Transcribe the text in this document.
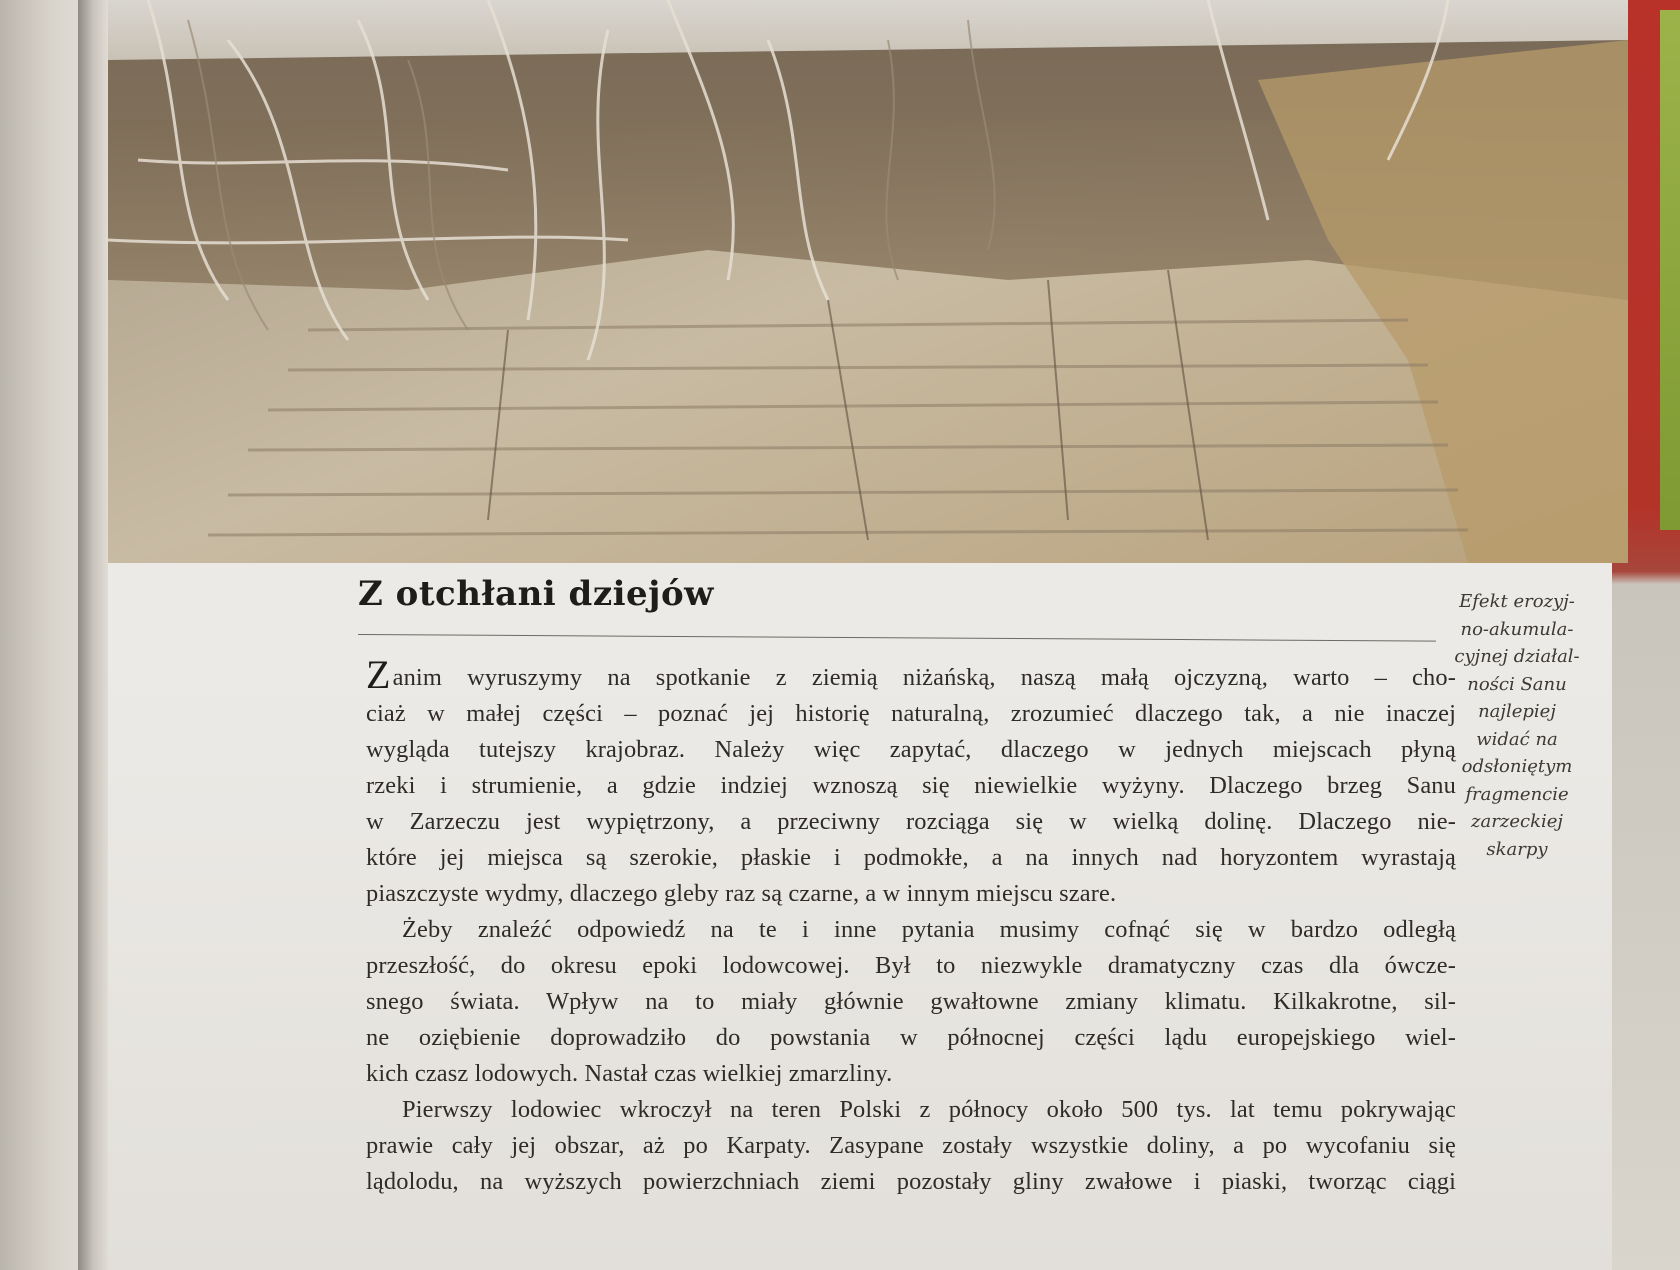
Z otchłani dziejów	Efekt erozyj-
no-akumula-
cyjnej działal-
ności Sanu
najlepiej
widać na
odsłoniętym
fragmencie
zarzeckiej
skarpy
Zanim wyruszymy na spotkanie z ziemią niżańską, naszą małą ojczyzną, warto – cho-
ciaż w małej części – poznać jej historię naturalną, zrozumieć dlaczego tak, a nie inaczej
wygląda tutejszy krajobraz. Należy więc zapytać, dlaczego w jednych miejscach płyną
rzeki i strumienie, a gdzie indziej wznoszą się niewielkie wyżyny. Dlaczego brzeg Sanu
w Zarzeczu jest wypiętrzony, a przeciwny rozciąga się w wielką dolinę. Dlaczego nie-
które jej miejsca są szerokie, płaskie i podmokłe, a na innych nad horyzontem wyrastają
piaszczyste wydmy, dlaczego gleby raz są czarne, a w innym miejscu szare.
Żeby znaleźć odpowiedź na te i inne pytania musimy cofnąć się w bardzo odległą
przeszłość, do okresu epoki lodowcowej. Był to niezwykle dramatyczny czas dla ówcze-
snego świata. Wpływ na to miały głównie gwałtowne zmiany klimatu. Kilkakrotne, sil-
ne oziębienie doprowadziło do powstania w północnej części lądu europejskiego wiel-
kich czasz lodowych. Nastał czas wielkiej zmarzliny.
Pierwszy lodowiec wkroczył na teren Polski z północy około 500 tys. lat temu pokrywając
prawie cały jej obszar, aż po Karpaty. Zasypane zostały wszystkie doliny, a po wycofaniu się
lądolodu, na wyższych powierzchniach ziemi pozostały gliny zwałowe i piaski, tworząc ciągi
